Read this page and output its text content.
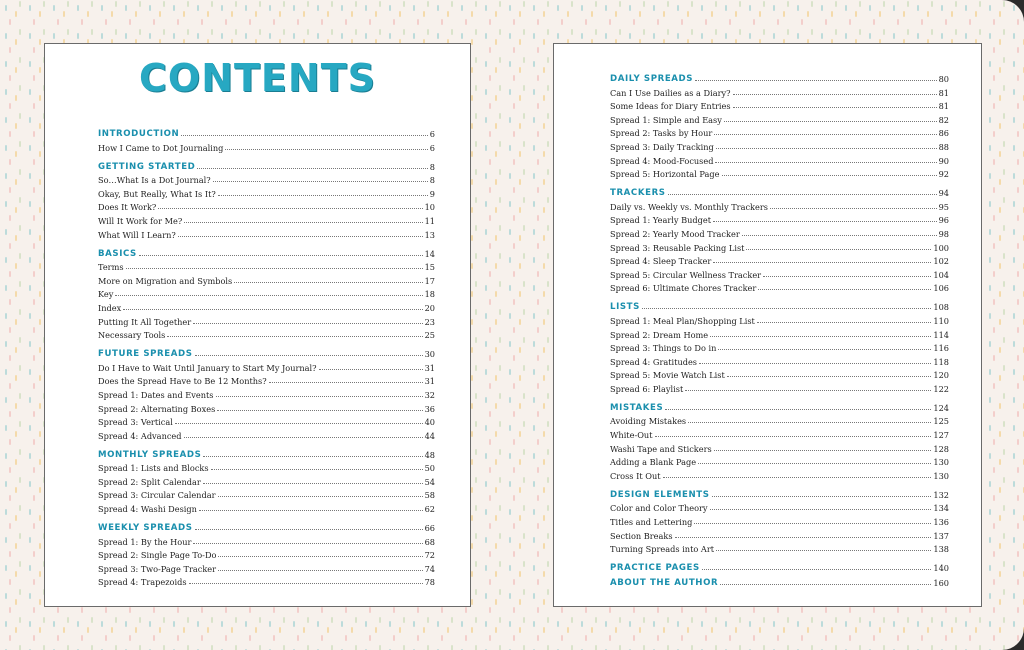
CONTENTS
INTRODUCTION	6
How I Came to Dot Journaling	6
GETTING STARTED	8
So…What Is a Dot Journal?	8
Okay, But Really, What Is It?	9
Does It Work?	10
Will It Work for Me?	11
What Will I Learn?	13
BASICS	14
Terms	15
More on Migration and Symbols	17
Key	18
Index	20
Putting It All Together	23
Necessary Tools	25
FUTURE SPREADS	30
Do I Have to Wait Until January to Start My Journal?	31
Does the Spread Have to Be 12 Months?	31
Spread 1: Dates and Events	32
Spread 2: Alternating Boxes	36
Spread 3: Vertical	40
Spread 4: Advanced	44
MONTHLY SPREADS	48
Spread 1: Lists and Blocks	50
Spread 2: Split Calendar	54
Spread 3: Circular Calendar	58
Spread 4: Washi Design	62
WEEKLY SPREADS	66
Spread 1: By the Hour	68
Spread 2: Single Page To-Do	72
Spread 3: Two-Page Tracker	74
Spread 4: Trapezoids	78
DAILY SPREADS	80
Can I Use Dailies as a Diary?	81
Some Ideas for Diary Entries	81
Spread 1: Simple and Easy	82
Spread 2: Tasks by Hour	86
Spread 3: Daily Tracking	88
Spread 4: Mood-Focused	90
Spread 5: Horizontal Page	92
TRACKERS	94
Daily vs. Weekly vs. Monthly Trackers	95
Spread 1: Yearly Budget	96
Spread 2: Yearly Mood Tracker	98
Spread 3: Reusable Packing List	100
Spread 4: Sleep Tracker	102
Spread 5: Circular Wellness Tracker	104
Spread 6: Ultimate Chores Tracker	106
LISTS	108
Spread 1: Meal Plan/Shopping List	110
Spread 2: Dream Home	114
Spread 3: Things to Do in	116
Spread 4: Gratitudes	118
Spread 5: Movie Watch List	120
Spread 6: Playlist	122
MISTAKES	124
Avoiding Mistakes	125
White-Out	127
Washi Tape and Stickers	128
Adding a Blank Page	130
Cross It Out	130
DESIGN ELEMENTS	132
Color and Color Theory	134
Titles and Lettering	136
Section Breaks	137
Turning Spreads into Art	138
PRACTICE PAGES	140
ABOUT THE AUTHOR	160
